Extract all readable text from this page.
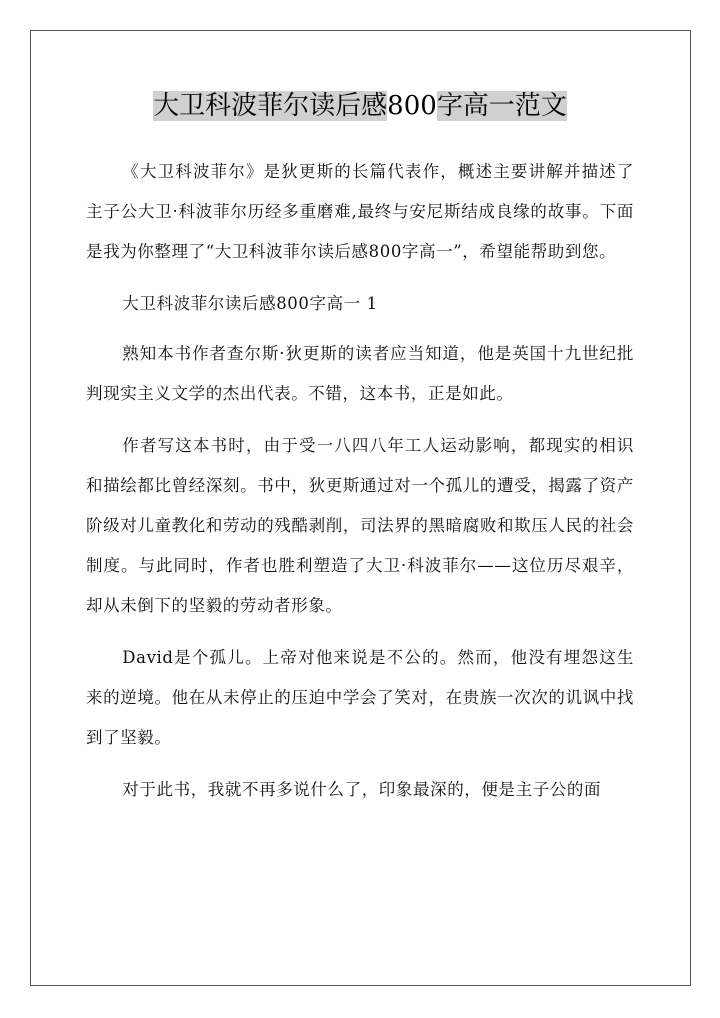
大卫科波菲尔读后感800字高一范文

《大卫科波菲尔》是狄更斯的长篇代表作，概述主要讲解并描述了主子公大卫·科波菲尔历经多重磨难,最终与安尼斯结成良缘的故事。下面是我为你整理了“大卫科波菲尔读后感800字高一”，希望能帮助到您。

大卫科波菲尔读后感800字高一 1

熟知本书作者查尔斯·狄更斯的读者应当知道，他是英国十九世纪批判现实主义文学的杰出代表。不错，这本书，正是如此。

作者写这本书时，由于受一八四八年工人运动影响，都现实的相识和描绘都比曾经深刻。书中，狄更斯通过对一个孤儿的遭受，揭露了资产阶级对儿童教化和劳动的残酷剥削，司法界的黑暗腐败和欺压人民的社会制度。与此同时，作者也胜利塑造了大卫·科波菲尔——这位历尽艰辛，却从未倒下的坚毅的劳动者形象。

David是个孤儿。上帝对他来说是不公的。然而，他没有埋怨这生来的逆境。他在从未停止的压迫中学会了笑对，在贵族一次次的讥讽中找到了坚毅。

对于此书，我就不再多说什么了，印象最深的，便是主子公的面
